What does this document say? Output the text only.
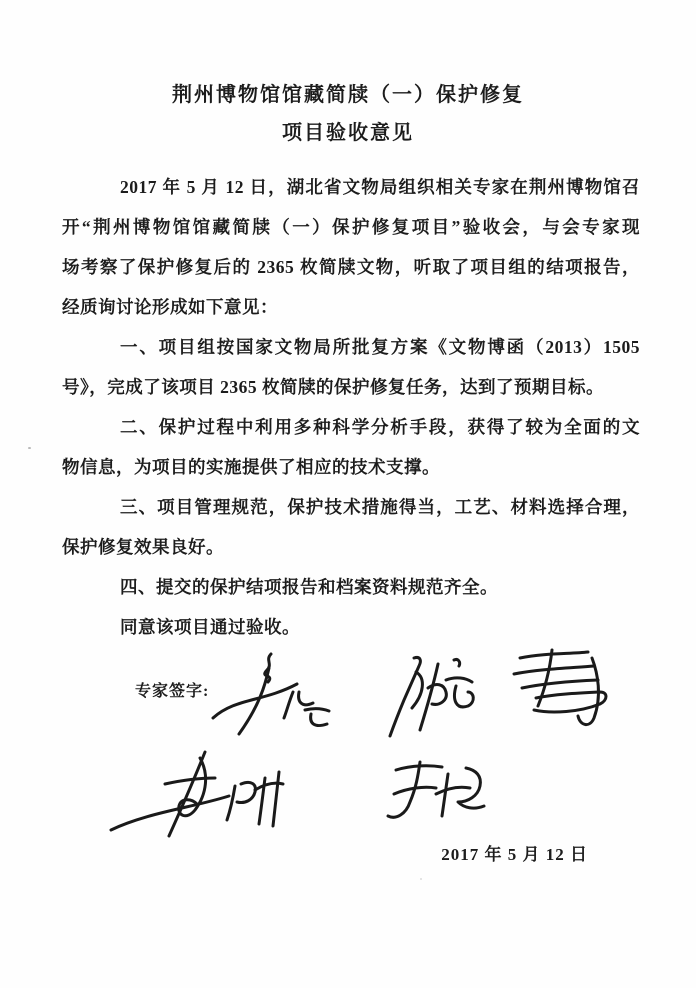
荆州博物馆馆藏简牍（一）保护修复
项目验收意见
2017 年 5 月 12 日，湖北省文物局组织相关专家在荆州博物馆召
开“荆州博物馆馆藏简牍（一）保护修复项目”验收会，与会专家现
场考察了保护修复后的 2365 枚简牍文物，听取了项目组的结项报告，
经质询讨论形成如下意见：
一、项目组按国家文物局所批复方案《文物博函（2013）1505
号》，完成了该项目 2365 枚简牍的保护修复任务，达到了预期目标。
二、保护过程中利用多种科学分析手段，获得了较为全面的文
物信息，为项目的实施提供了相应的技术支撑。
三、项目管理规范，保护技术措施得当，工艺、材料选择合理，
保护修复效果良好。
四、提交的保护结项报告和档案资料规范齐全。
同意该项目通过验收。
专家签字:
2017 年 5 月 12 日
